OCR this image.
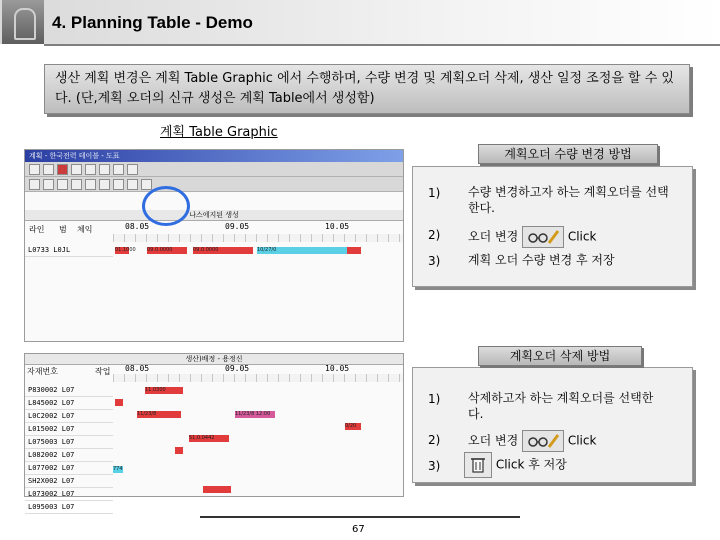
4. Planning Table - Demo
생산 계획 변경은 계획 Table Graphic 에서 수행하며, 수량 변경 및 계획오더 삭제, 생산 일정 조정을 할 수 있다. (단,계획 오더의 신규 생성은 계획 Table에서 생성함)
계획 Table Graphic
계획 - 한국전력 테이블 - 도표
나스에지된 생성
라인 범 체익	08.05	09.05	10.05
L0733 L0JL	01.1000 09.0.0000	09.0.0000	10/27/0
생산)배정 - 용정신
자재번호	작업 08.05	09.05	10.05
P830002 L07
L845002 L07
L0C2002 L07
L015002 L07
L075003 L07
L082002 L07
L077002 L07
SH2X002 L07
L073002 L07
L095003 L07
11.0300
11/23/8	11/23/8 12:00
0/20
51,0.0442
774
계획오더 수량 변경 방법
1) 수량 변경하고자 하는 계획오더를 선택한다.
2) 오더 변경	Click
3) 계획 오더 수량 변경 후 저장
계획오더 삭제 방법
1) 삭제하고자 하는 계획오더를 선택한다.
2) 오더 변경	Click
3)	Click 후 저장
67
